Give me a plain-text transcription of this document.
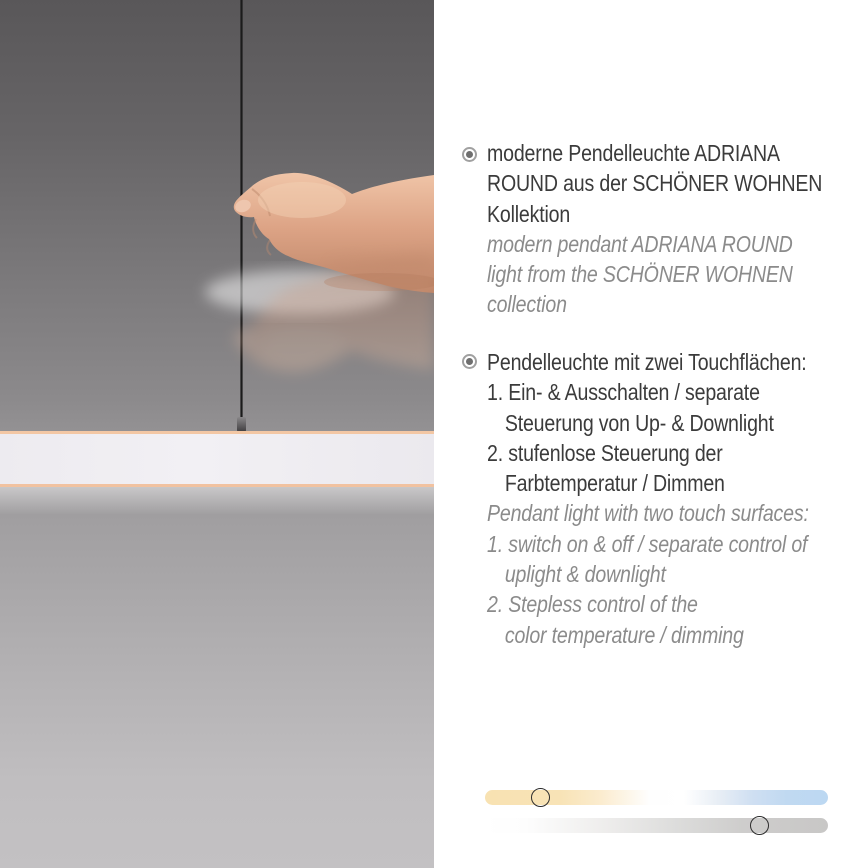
moderne Pendelleuchte ADRIANA
ROUND aus der SCHÖNER WOHNEN
Kollektion
modern pendant ADRIANA ROUND
light from the SCHÖNER WOHNEN
collection
Pendelleuchte mit zwei Touchflächen:
1. Ein- & Ausschalten / separate
Steuerung von Up- & Downlight
2. stufenlose Steuerung der
Farbtemperatur / Dimmen
Pendant light with two touch surfaces:
1. switch on & off / separate control of
uplight & downlight
2. Stepless control of the
color temperature / dimming
